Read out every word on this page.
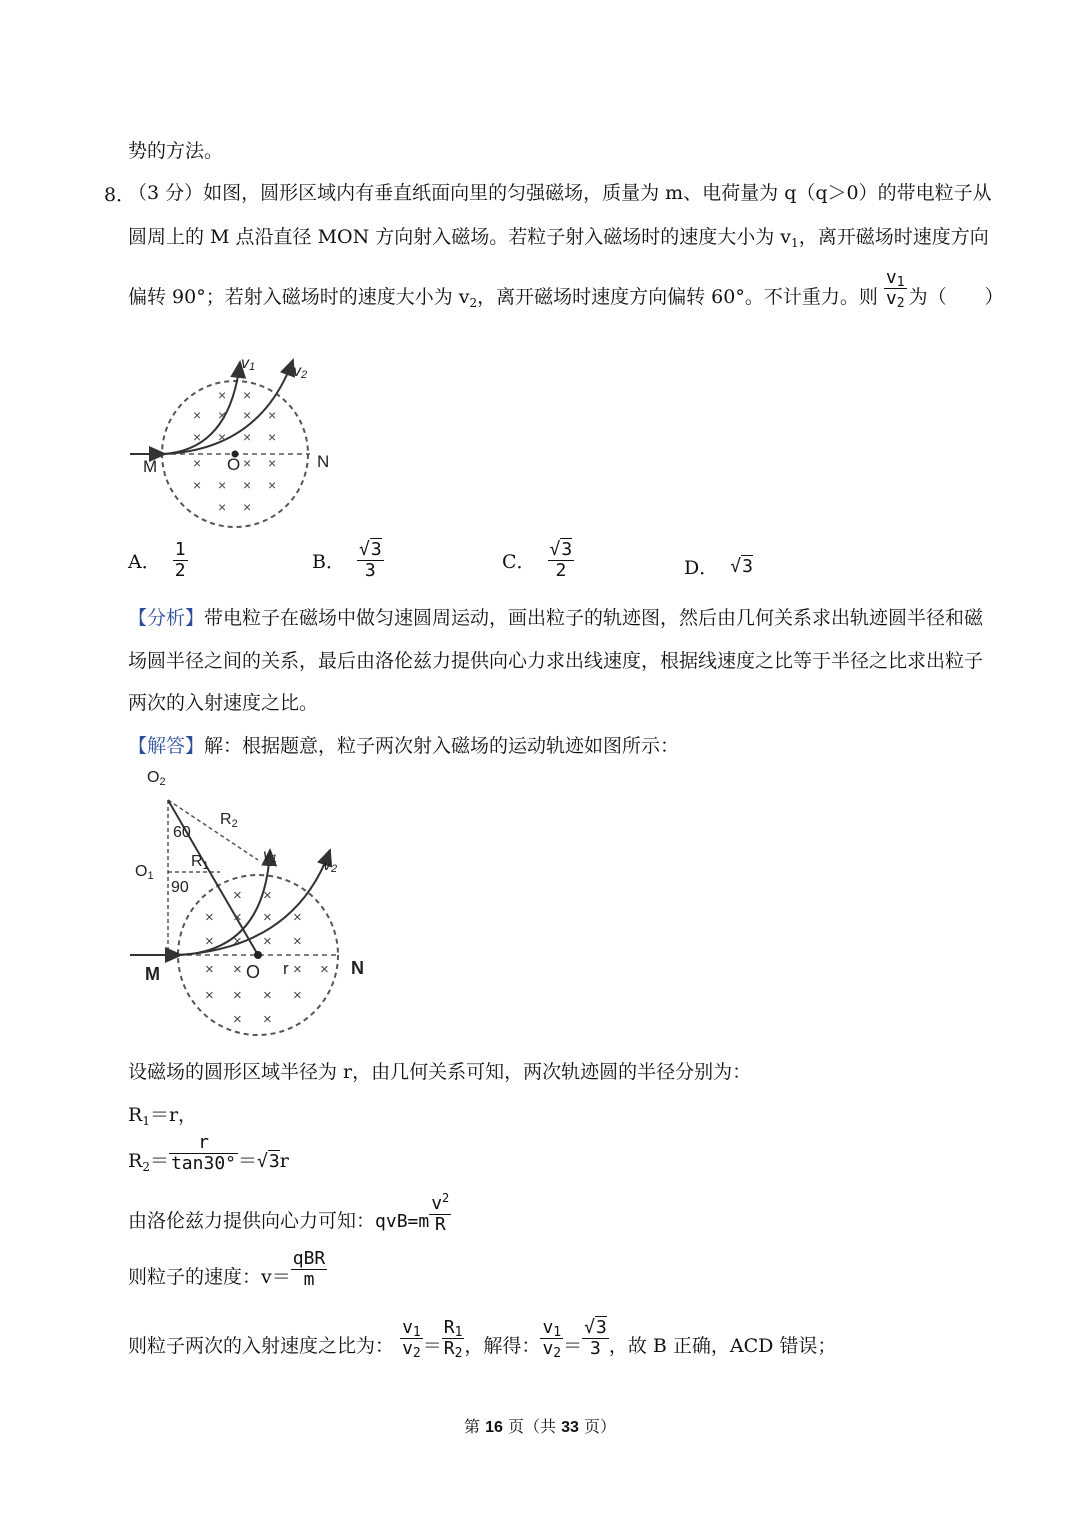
势的方法。
8．
（3 分）如图，圆形区域内有垂直纸面向里的匀强磁场，质量为 m、电荷量为 q（q＞0）的带电粒子从
圆周上的 M 点沿直径 MON 方向射入磁场。若粒子射入磁场时的速度大小为 $v_1$，离开磁场时速度方向
偏转 90°；若射入磁场时的速度大小为 $v_2$，离开磁场时速度方向偏转 60°。不计重力。则 $\frac{v_1}{v_2}$ 为（　　）
×
× ×
× × ×
× × × ×
×	× ×
× × × ×
× ×
v1 v2
M	O	N
A． $\frac{1}{2}$	B． $\frac{√3}{3}$	C． $\frac{√3}{2}$	D． √3
【分析】带电粒子在磁场中做匀速圆周运动，画出粒子的轨迹图，然后由几何关系求出轨迹圆半径和磁
场圆半径之间的关系，最后由洛伦兹力提供向心力求出线速度，根据线速度之比等于半径之比求出粒子
两次的入射速度之比。
【解答】解：根据题意，粒子两次射入磁场的运动轨迹如图所示：
×
× ×
× × ×
× × × ×
× ×	× ×
× × × ×
× ×
O2
O1
R2
R1
60
90
v1	v2
M	O r	N
设磁场的圆形区域半径为 r，由几何关系可知，两次轨迹圆的半径分别为：
$R_1=r$，
$R_2= \frac{r}{\tan 30^\circ} =√3r$
由洛伦兹力提供向心力可知：$qvB=m \frac{v^2}{R}$
则粒子的速度：$v= \frac{\text{qBR}}{m}$
则粒子两次的入射速度之比为： $\frac{v_1}{v_2} = \frac{R_1}{R_2}$ ，解得： $\frac{v_1}{v_2} = \frac{√3}{3}$ ，故 B 正确，ACD 错误；
第 16 页（共 33 页）
